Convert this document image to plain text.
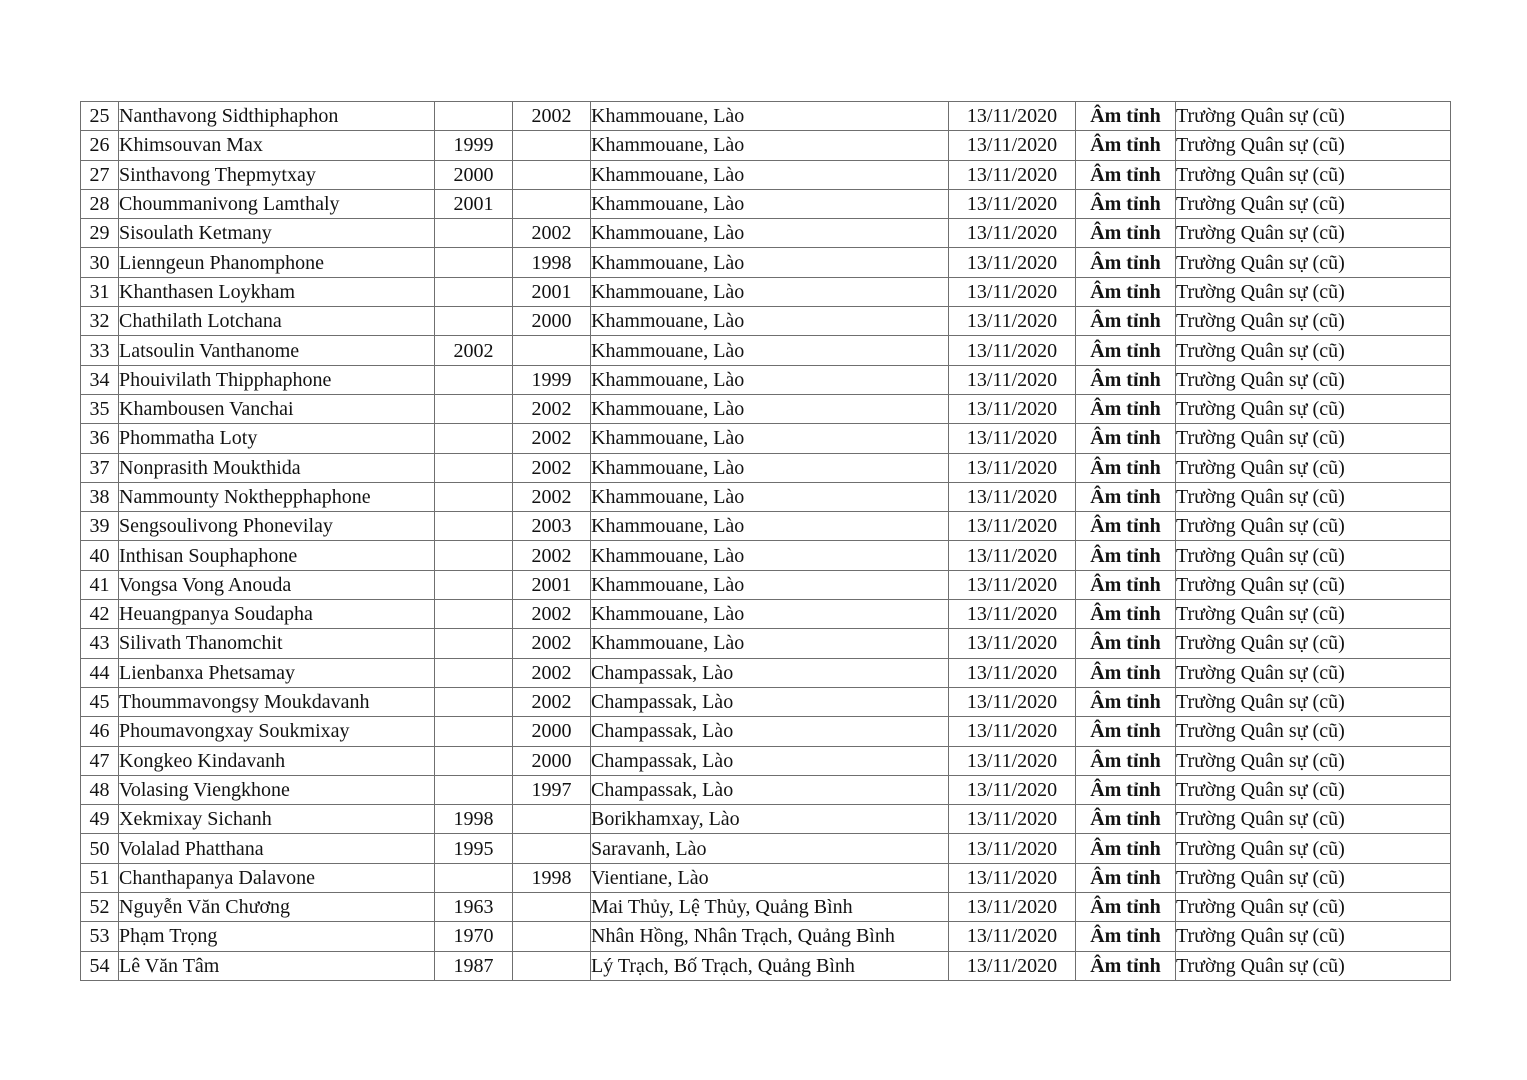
25	Nanthavong Sidthiphaphon		2002	Khammouane, Lào	13/11/2020	Âm tỉnh	Trường Quân sự (cũ)
26	Khimsouvan Max	1999		Khammouane, Lào	13/11/2020	Âm tỉnh	Trường Quân sự (cũ)
27	Sinthavong Thepmytxay	2000		Khammouane, Lào	13/11/2020	Âm tỉnh	Trường Quân sự (cũ)
28	Choummanivong Lamthaly	2001		Khammouane, Lào	13/11/2020	Âm tỉnh	Trường Quân sự (cũ)
29	Sisoulath Ketmany		2002	Khammouane, Lào	13/11/2020	Âm tỉnh	Trường Quân sự (cũ)
30	Lienngeun Phanomphone		1998	Khammouane, Lào	13/11/2020	Âm tỉnh	Trường Quân sự (cũ)
31	Khanthasen Loykham		2001	Khammouane, Lào	13/11/2020	Âm tỉnh	Trường Quân sự (cũ)
32	Chathilath Lotchana		2000	Khammouane, Lào	13/11/2020	Âm tỉnh	Trường Quân sự (cũ)
33	Latsoulin Vanthanome	2002		Khammouane, Lào	13/11/2020	Âm tỉnh	Trường Quân sự (cũ)
34	Phouivilath Thipphaphone		1999	Khammouane, Lào	13/11/2020	Âm tỉnh	Trường Quân sự (cũ)
35	Khambousen Vanchai		2002	Khammouane, Lào	13/11/2020	Âm tỉnh	Trường Quân sự (cũ)
36	Phommatha Loty		2002	Khammouane, Lào	13/11/2020	Âm tỉnh	Trường Quân sự (cũ)
37	Nonprasith Moukthida		2002	Khammouane, Lào	13/11/2020	Âm tỉnh	Trường Quân sự (cũ)
38	Nammounty Nokthepphaphone		2002	Khammouane, Lào	13/11/2020	Âm tỉnh	Trường Quân sự (cũ)
39	Sengsoulivong Phonevilay		2003	Khammouane, Lào	13/11/2020	Âm tỉnh	Trường Quân sự (cũ)
40	Inthisan Souphaphone		2002	Khammouane, Lào	13/11/2020	Âm tỉnh	Trường Quân sự (cũ)
41	Vongsa Vong Anouda		2001	Khammouane, Lào	13/11/2020	Âm tỉnh	Trường Quân sự (cũ)
42	Heuangpanya Soudapha		2002	Khammouane, Lào	13/11/2020	Âm tỉnh	Trường Quân sự (cũ)
43	Silivath Thanomchit		2002	Khammouane, Lào	13/11/2020	Âm tỉnh	Trường Quân sự (cũ)
44	Lienbanxa Phetsamay		2002	Champassak, Lào	13/11/2020	Âm tỉnh	Trường Quân sự (cũ)
45	Thoummavongsy Moukdavanh		2002	Champassak, Lào	13/11/2020	Âm tỉnh	Trường Quân sự (cũ)
46	Phoumavongxay Soukmixay		2000	Champassak, Lào	13/11/2020	Âm tỉnh	Trường Quân sự (cũ)
47	Kongkeo Kindavanh		2000	Champassak, Lào	13/11/2020	Âm tỉnh	Trường Quân sự (cũ)
48	Volasing Viengkhone		1997	Champassak, Lào	13/11/2020	Âm tỉnh	Trường Quân sự (cũ)
49	Xekmixay Sichanh	1998		Borikhamxay, Lào	13/11/2020	Âm tỉnh	Trường Quân sự (cũ)
50	Volalad Phatthana	1995		Saravanh, Lào	13/11/2020	Âm tỉnh	Trường Quân sự (cũ)
51	Chanthapanya Dalavone		1998	Vientiane, Lào	13/11/2020	Âm tỉnh	Trường Quân sự (cũ)
52	Nguyễn Văn Chương	1963		Mai Thủy, Lệ Thủy, Quảng Bình	13/11/2020	Âm tỉnh	Trường Quân sự (cũ)
53	Phạm Trọng	1970		Nhân Hồng, Nhân Trạch, Quảng Bình	13/11/2020	Âm tỉnh	Trường Quân sự (cũ)
54	Lê Văn Tâm	1987		Lý Trạch, Bố Trạch, Quảng Bình	13/11/2020	Âm tỉnh	Trường Quân sự (cũ)
